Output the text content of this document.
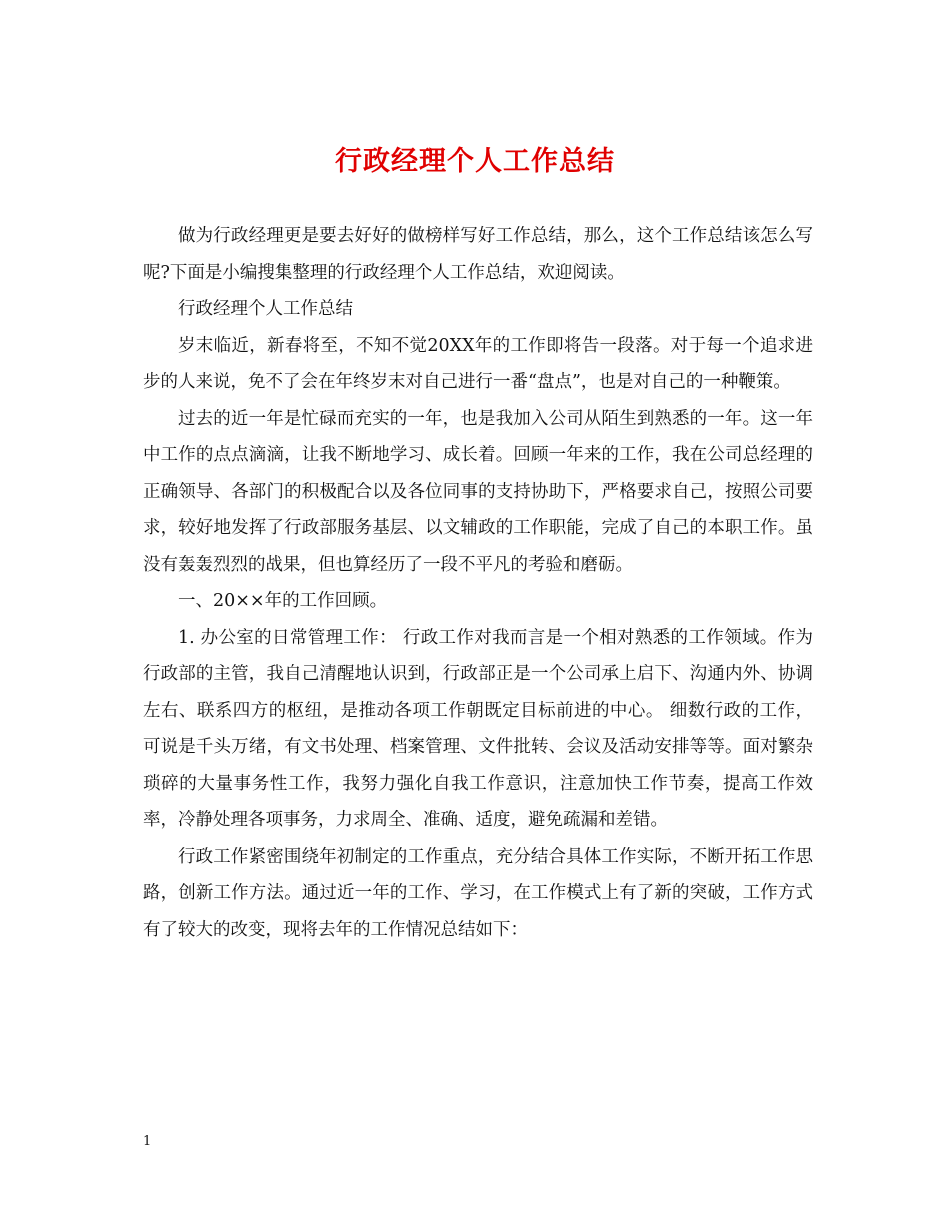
行政经理个人工作总结

做为行政经理更是要去好好的做榜样写好工作总结，那么，这个工作总结该怎么写呢?下面是小编搜集整理的行政经理个人工作总结，欢迎阅读。

行政经理个人工作总结

岁末临近，新春将至，不知不觉20XX年的工作即将告一段落。对于每一个追求进步的人来说，免不了会在年终岁末对自己进行一番“盘点”，也是对自己的一种鞭策。

过去的近一年是忙碌而充实的一年，也是我加入公司从陌生到熟悉的一年。这一年中工作的点点滴滴，让我不断地学习、成长着。回顾一年来的工作，我在公司总经理的正确领导、各部门的积极配合以及各位同事的支持协助下，严格要求自己，按照公司要求，较好地发挥了行政部服务基层、以文辅政的工作职能，完成了自己的本职工作。虽没有轰轰烈烈的战果，但也算经历了一段不平凡的考验和磨砺。

一、20××年的工作回顾。

1. 办公室的日常管理工作： 行政工作对我而言是一个相对熟悉的工作领域。作为行政部的主管，我自己清醒地认识到，行政部正是一个公司承上启下、沟通内外、协调左右、联系四方的枢纽，是推动各项工作朝既定目标前进的中心。 细数行政的工作，可说是千头万绪，有文书处理、档案管理、文件批转、会议及活动安排等等。面对繁杂琐碎的大量事务性工作，我努力强化自我工作意识，注意加快工作节奏，提高工作效率，冷静处理各项事务，力求周全、准确、适度，避免疏漏和差错。

行政工作紧密围绕年初制定的工作重点，充分结合具体工作实际，不断开拓工作思路，创新工作方法。通过近一年的工作、学习，在工作模式上有了新的突破，工作方式有了较大的改变，现将去年的工作情况总结如下：

1
